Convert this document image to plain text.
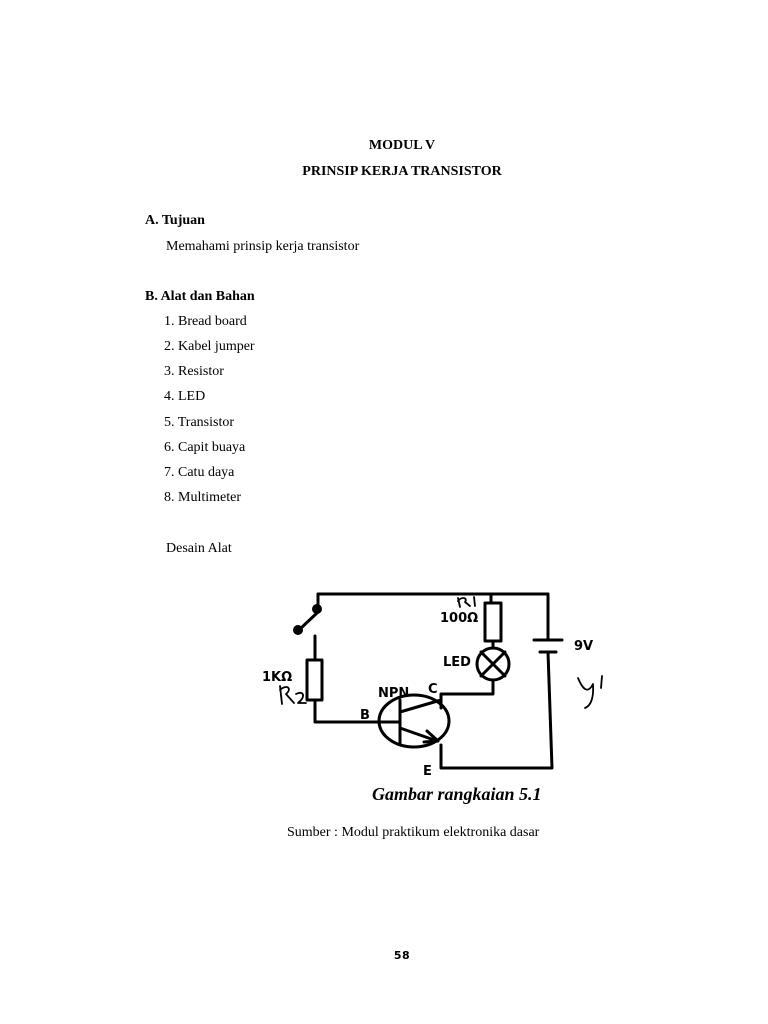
MODUL V
PRINSIP KERJA TRANSISTOR
A. Tujuan
Memahami prinsip kerja transistor
B. Alat dan Bahan
1. Bread board
2. Kabel jumper
3. Resistor
4. LED
5. Transistor
6. Capit buaya
7. Catu daya
8. Multimeter
Desain Alat
100Ω
LED
9V
1KΩ
NPN C
B
E
Gambar rangkaian 5.1
Sumber : Modul praktikum elektronika dasar
58
